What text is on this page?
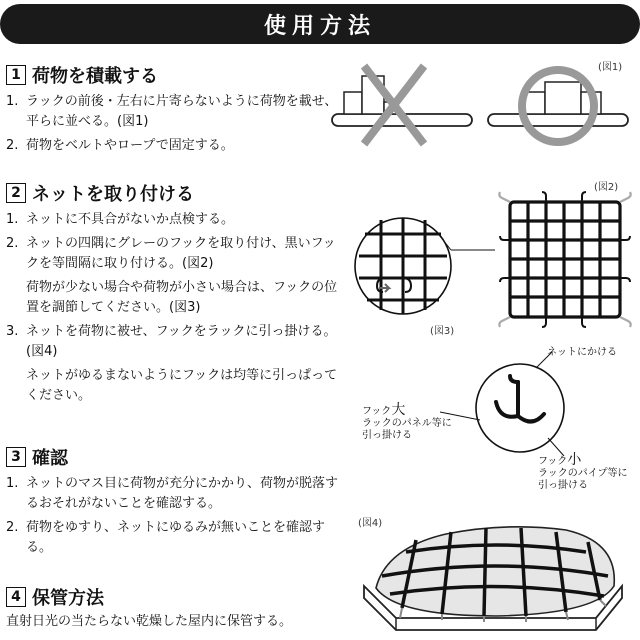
使用方法
1 荷物を積載する
1. ラックの前後・左右に片寄らないように荷物を載せ、平らに並べる。(図1)
2. 荷物をベルトやロープで固定する。
2 ネットを取り付ける
1. ネットに不具合がないか点検する。
2. ネットの四隅にグレーのフックを取り付け、黒いフックを等間隔に取り付ける。(図2)
荷物が少ない場合や荷物が小さい場合は、フックの位置を調節してください。(図3)
3. ネットを荷物に被せ、フックをラックに引っ掛ける。(図4)
ネットがゆるまないようにフックは均等に引っぱってください。
3 確認
1. ネットのマス目に荷物が充分にかかり、荷物が脱落するおそれがないことを確認する。
2. 荷物をゆすり、ネットにゆるみが無いことを確認する。
4 保管方法
直射日光の当たらない乾燥した屋内に保管する。
(図1)
(図2)
(図3)
ネットにかける
フック大
ラックのパネル等に
引っ掛ける
フック小
ラックのパイプ等に
引っ掛ける
(図4)
